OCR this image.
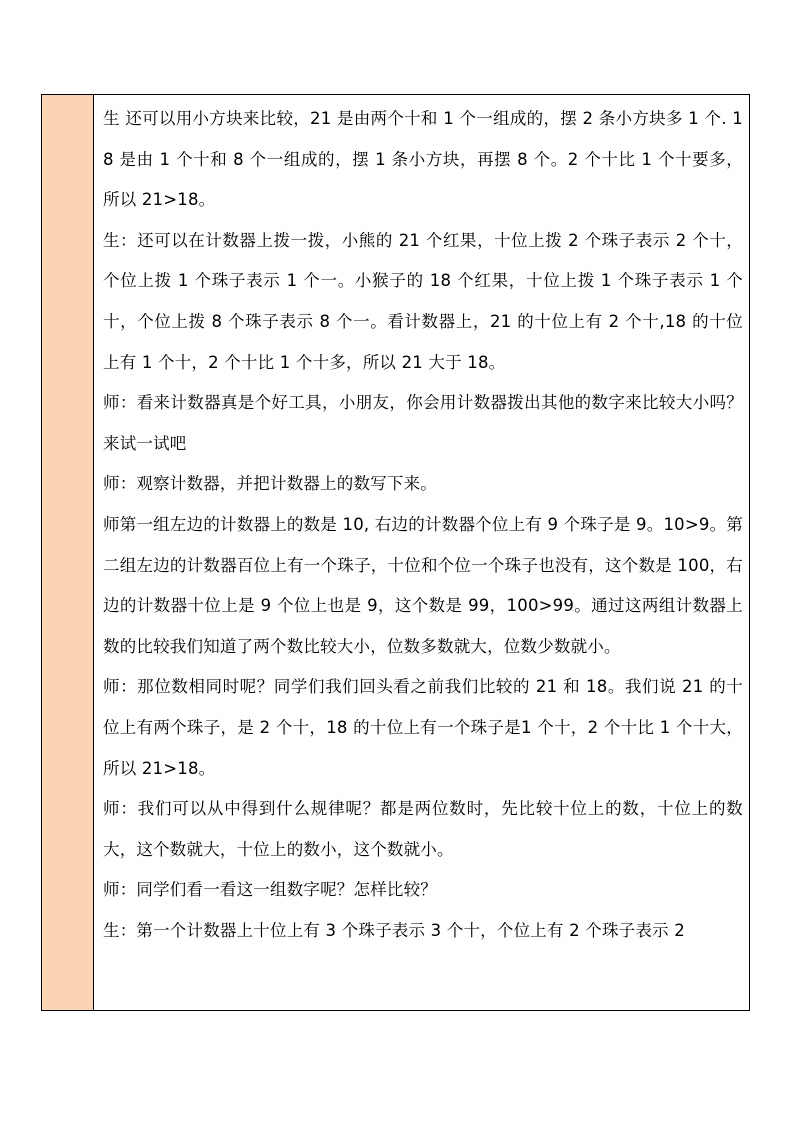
生 还可以用小方块来比较，21 是由两个十和 1 个一组成的，摆 2 条小方块多 1 个. 18 是由 1 个十和 8 个一组成的，摆 1 条小方块，再摆 8 个。2 个十比 1 个十要多，所以 21>18。

生：还可以在计数器上拨一拨，小熊的 21 个红果，十位上拨 2 个珠子表示 2 个十，个位上拨 1 个珠子表示 1 个一。小猴子的 18 个红果，十位上拨 1 个珠子表示 1 个十，个位上拨 8 个珠子表示 8 个一。看计数器上，21 的十位上有 2 个十,18 的十位上有 1 个十，2 个十比 1 个十多，所以 21 大于 18。

师：看来计数器真是个好工具，小朋友，你会用计数器拨出其他的数字来比较大小吗？来试一试吧

师：观察计数器，并把计数器上的数写下来。

师第一组左边的计数器上的数是 10, 右边的计数器个位上有 9 个珠子是 9。10>9。第二组左边的计数器百位上有一个珠子，十位和个位一个珠子也没有，这个数是 100，右边的计数器十位上是 9 个位上也是 9，这个数是 99，100>99。通过这两组计数器上数的比较我们知道了两个数比较大小，位数多数就大，位数少数就小。

师：那位数相同时呢？同学们我们回头看之前我们比较的 21 和 18。我们说 21 的十位上有两个珠子，是 2 个十，18 的十位上有一个珠子是1 个十，2 个十比 1 个十大，所以 21>18。

师：我们可以从中得到什么规律呢？都是两位数时，先比较十位上的数，十位上的数大，这个数就大，十位上的数小，这个数就小。

师：同学们看一看这一组数字呢？怎样比较？

生：第一个计数器上十位上有 3 个珠子表示 3 个十，个位上有 2 个珠子表示 2
